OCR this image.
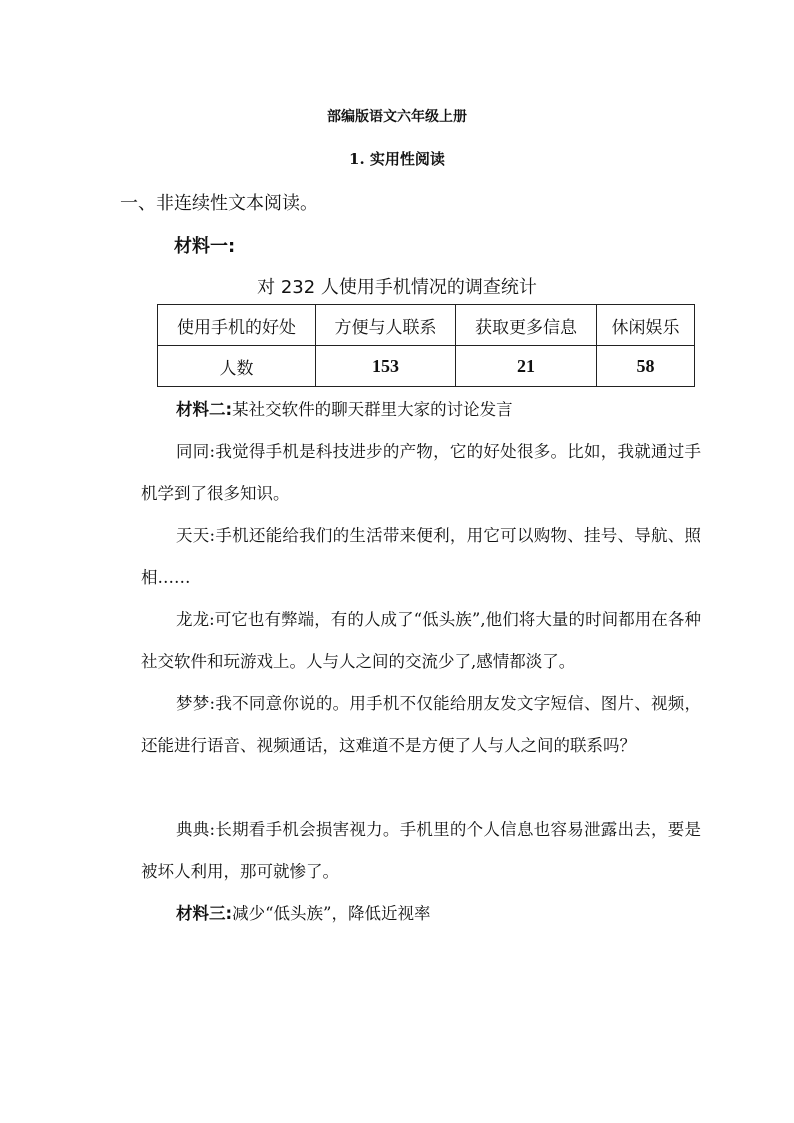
部编版语文六年级上册
1. 实用性阅读
一、非连续性文本阅读。
材料一:
对 232 人使用手机情况的调查统计
使用手机的好处	方便与人联系	获取更多信息	休闲娱乐
人数	153	21	58
材料二:某社交软件的聊天群里大家的讨论发言
同同:我觉得手机是科技进步的产物，它的好处很多。比如，我就通过手机学到了很多知识。
天天:手机还能给我们的生活带来便利，用它可以购物、挂号、导航、照相……
龙龙:可它也有弊端，有的人成了“低头族”,他们将大量的时间都用在各种社交软件和玩游戏上。人与人之间的交流少了,感情都淡了。
梦梦:我不同意你说的。用手机不仅能给朋友发文字短信、图片、视频，还能进行语音、视频通话，这难道不是方便了人与人之间的联系吗？
典典:长期看手机会损害视力。手机里的个人信息也容易泄露出去，要是被坏人利用，那可就惨了。
材料三:减少“低头族”，降低近视率
